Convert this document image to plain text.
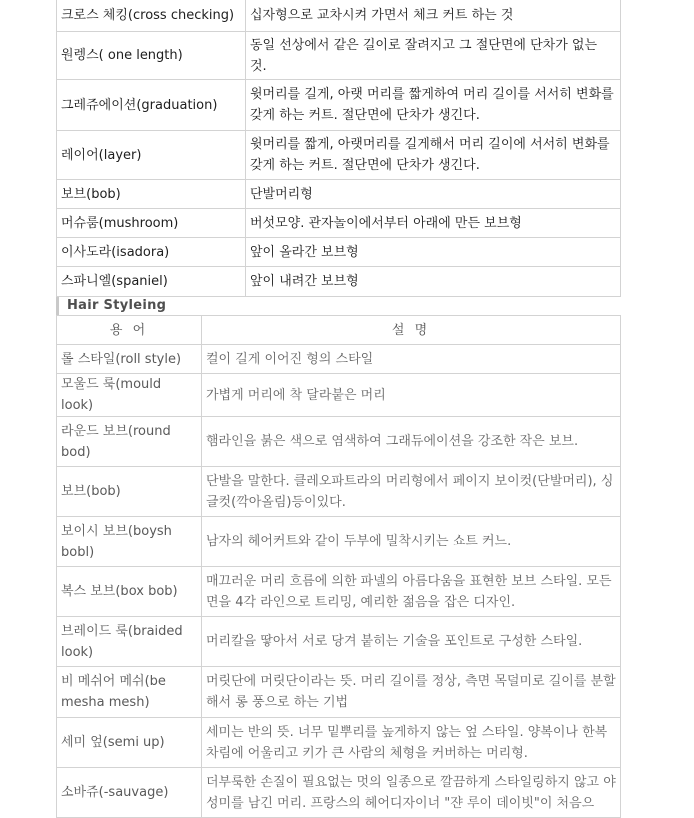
크로스 체킹(cross checking)	십자형으로 교차시켜 가면서 체크 커트 하는 것
원렝스( one length)	동일 선상에서 같은 길이로 잘려지고 그 절단면에 단차가 없는 것.
그레쥬에이션(graduation)	윗머리를 길게, 아랫 머리를 짧게하여 머리 길이를 서서히 변화를 갖게 하는 커트. 절단면에 단차가 생긴다.
레이어(layer)	윗머리를 짧게, 아랫머리를 길게해서 머리 길이에 서서히 변화를 갖게 하는 커트. 절단면에 단차가 생긴다.
보브(bob)	단발머리형
머슈룸(mushroom)	버섯모양. 관자놀이에서부터 아래에 만든 보브형
이사도라(isadora)	앞이 올라간 보브형
스파니엘(spaniel)	앞이 내려간 보브형
Hair Styleing
용 어	설 명
롤 스타일(roll style)	컬이 길게 이어진 형의 스타일
모울드 룩(mould look)	가볍게 머리에 착 달라붙은 머리
라운드 보브(round bod)	햄라인을 붉은 색으로 염색하여 그래듀에이션을 강조한 작은 보브.
보브(bob)	단발을 말한다. 클레오파트라의 머리형에서 페이지 보이컷(단발머리), 싱글컷(깍아올림)등이있다.
보이시 보브(boysh bobl)	남자의 헤어커트와 같이 두부에 밀착시키는 쇼트 커느.
복스 보브(box bob)	매끄러운 머리 흐름에 의한 파넬의 아름다움을 표현한 보브 스타일. 모든 면을 4각 라인으로 트리밍, 예리한 젊음을 잡은 디자인.
브레이드 룩(braided look)	머리칼을 땋아서 서로 당겨 붙히는 기술을 포인트로 구성한 스타일.
비 메쉬어 메쉬(be mesha mesh)	머릿단에 머릿단이라는 뜻. 머리 길이를 정상, 측면 목덜미로 길이를 분할해서 롱 풍으로 하는 기법
세미 엎(semi up)	세미는 반의 뜻. 너무 밑뿌리를 높게하지 않는 엎 스타일. 양복이나 한복 차림에 어울리고 키가 큰 사람의 체형을 커버하는 머리형.
소바쥬(-sauvage)	더부룩한 손질이 필요없는 멋의 일종으로 깔끔하게 스타일링하지 않고 야성미를 남긴 머리. 프랑스의 헤어디자이너 "쟌 루이 데이빗"이 처음으
